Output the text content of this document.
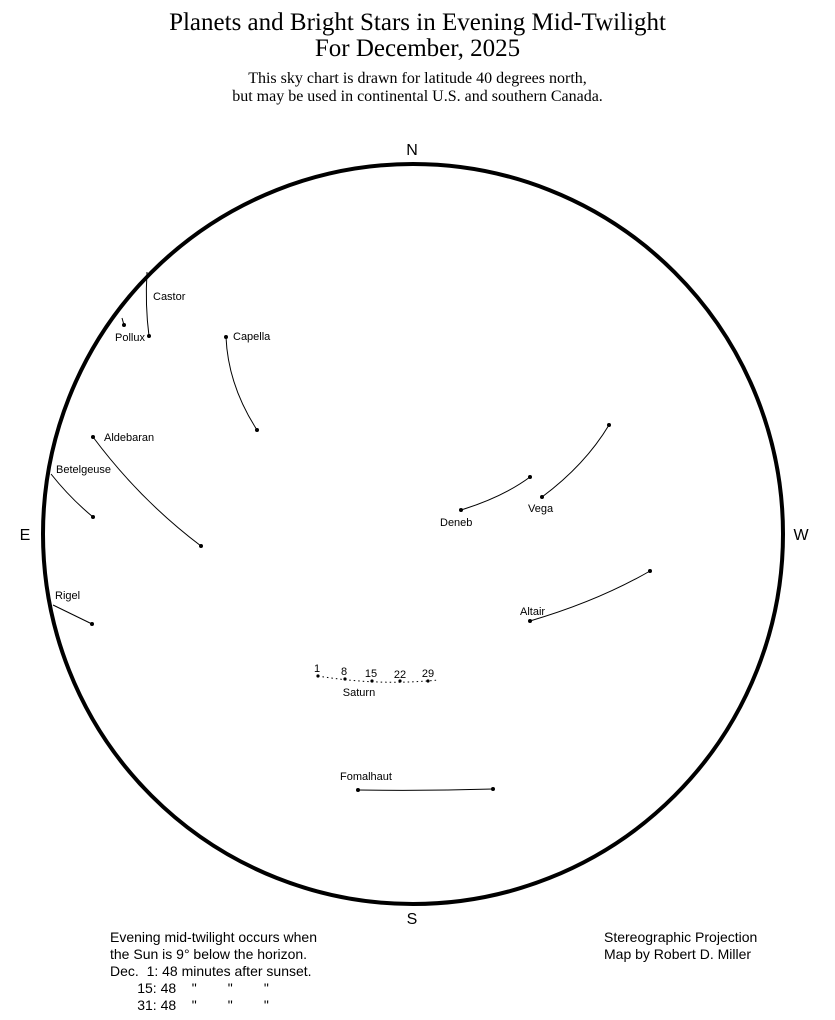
Planets and Bright Stars in Evening Mid-Twilight
For December, 2025
This sky chart is drawn for latitude 40 degrees north,
but may be used in continental U.S. and southern Canada.
N
S
E	W
Castor
Pollux	Capella
Aldebaran
Betelgeuse
Rigel
Deneb
Vega
Altair
1 8 15 22 29
Saturn
Fomalhaut
Evening mid-twilight occurs when
the Sun is 9° below the horizon.
Dec.  1: 48 minutes after sunset.
15: 48    "        "        "
31: 48    "        "        "
Stereographic Projection
Map by Robert D. Miller
